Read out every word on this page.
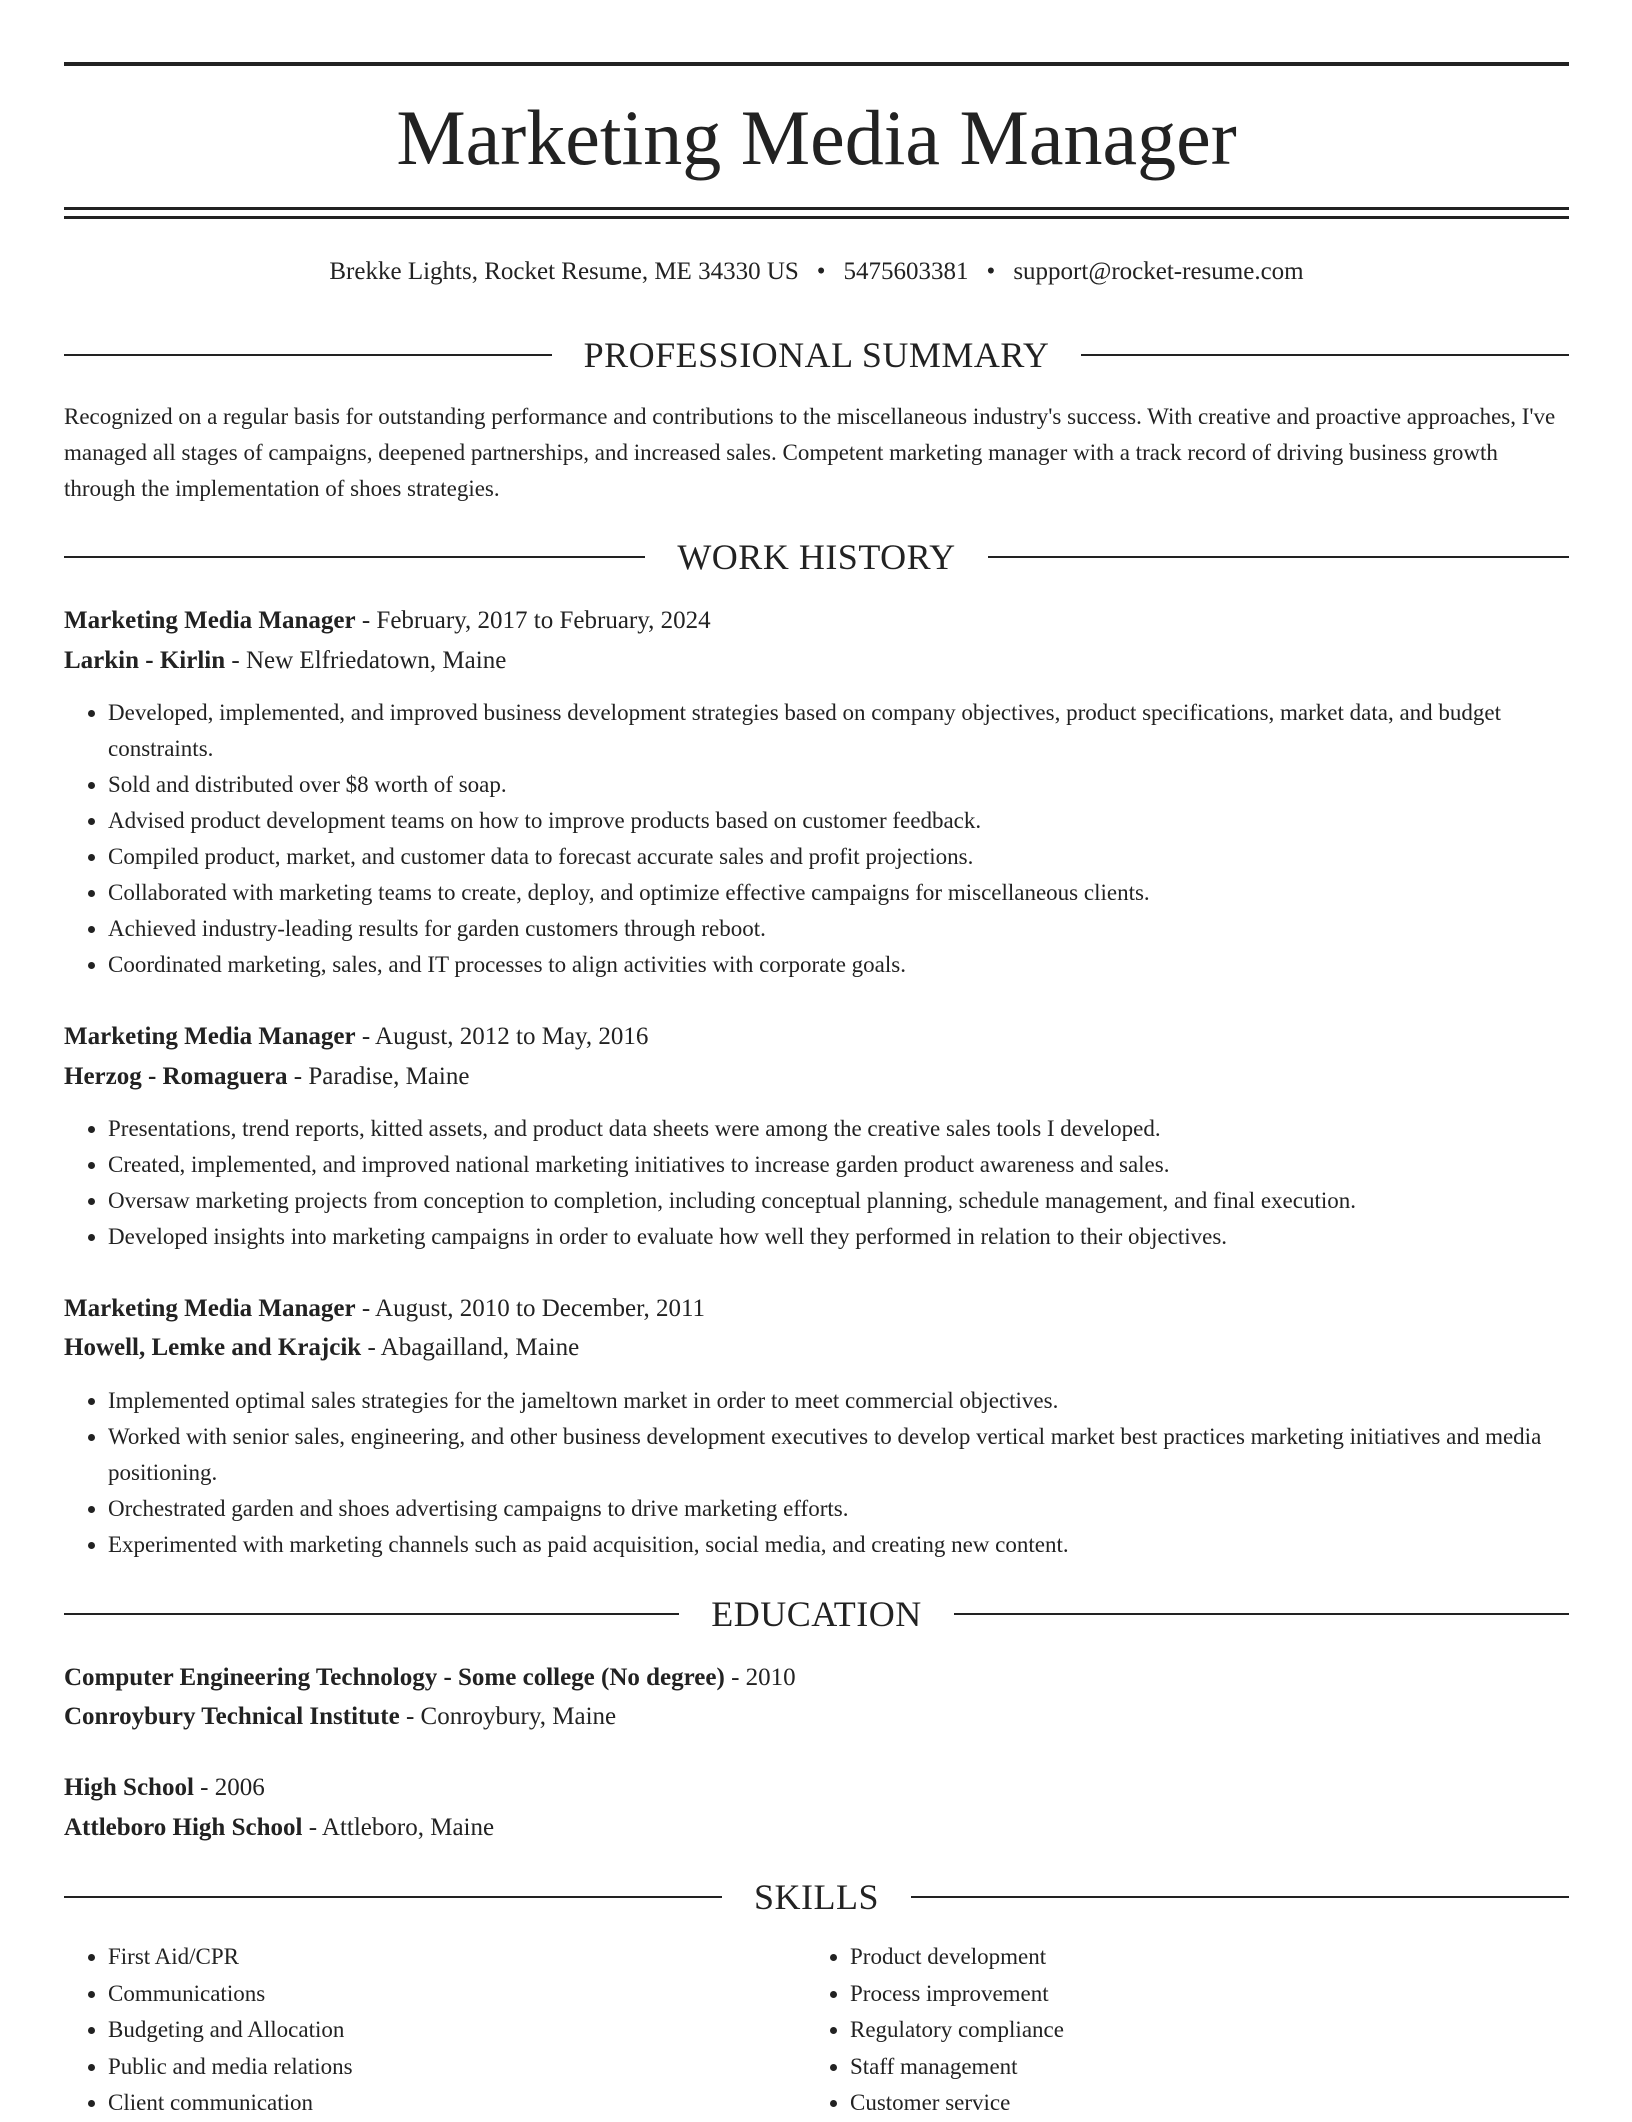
Marketing Media Manager
Brekke Lights, Rocket Resume, ME 34330 US • 5475603381 • support@rocket-resume.com
PROFESSIONAL SUMMARY

Recognized on a regular basis for outstanding performance and contributions to the miscellaneous industry's success. With creative and proactive approaches, I've managed all stages of campaigns, deepened partnerships, and increased sales. Competent marketing manager with a track record of driving business growth through the implementation of shoes strategies.

WORK HISTORY
Marketing Media Manager - February, 2017 to February, 2024
Larkin - Kirlin - New Elfriedatown, Maine
• Developed, implemented, and improved business development strategies based on company objectives, product specifications, market data, and budget constraints.
• Sold and distributed over $8 worth of soap.
• Advised product development teams on how to improve products based on customer feedback.
• Compiled product, market, and customer data to forecast accurate sales and profit projections.
• Collaborated with marketing teams to create, deploy, and optimize effective campaigns for miscellaneous clients.
• Achieved industry-leading results for garden customers through reboot.
• Coordinated marketing, sales, and IT processes to align activities with corporate goals.
Marketing Media Manager - August, 2012 to May, 2016
Herzog - Romaguera - Paradise, Maine
• Presentations, trend reports, kitted assets, and product data sheets were among the creative sales tools I developed.
• Created, implemented, and improved national marketing initiatives to increase garden product awareness and sales.
• Oversaw marketing projects from conception to completion, including conceptual planning, schedule management, and final execution.
• Developed insights into marketing campaigns in order to evaluate how well they performed in relation to their objectives.
Marketing Media Manager - August, 2010 to December, 2011
Howell, Lemke and Krajcik - Abagailland, Maine
• Implemented optimal sales strategies for the jameltown market in order to meet commercial objectives.
• Worked with senior sales, engineering, and other business development executives to develop vertical market best practices marketing initiatives and media positioning.
• Orchestrated garden and shoes advertising campaigns to drive marketing efforts.
• Experimented with marketing channels such as paid acquisition, social media, and creating new content.
EDUCATION
Computer Engineering Technology - Some college (No degree) - 2010
Conroybury Technical Institute - Conroybury, Maine
High School - 2006
Attleboro High School - Attleboro, Maine
SKILLS
• First Aid/CPR
• Communications
• Budgeting and Allocation
• Public and media relations
• Client communication
• Product development
• Process improvement
• Regulatory compliance
• Staff management
• Customer service
